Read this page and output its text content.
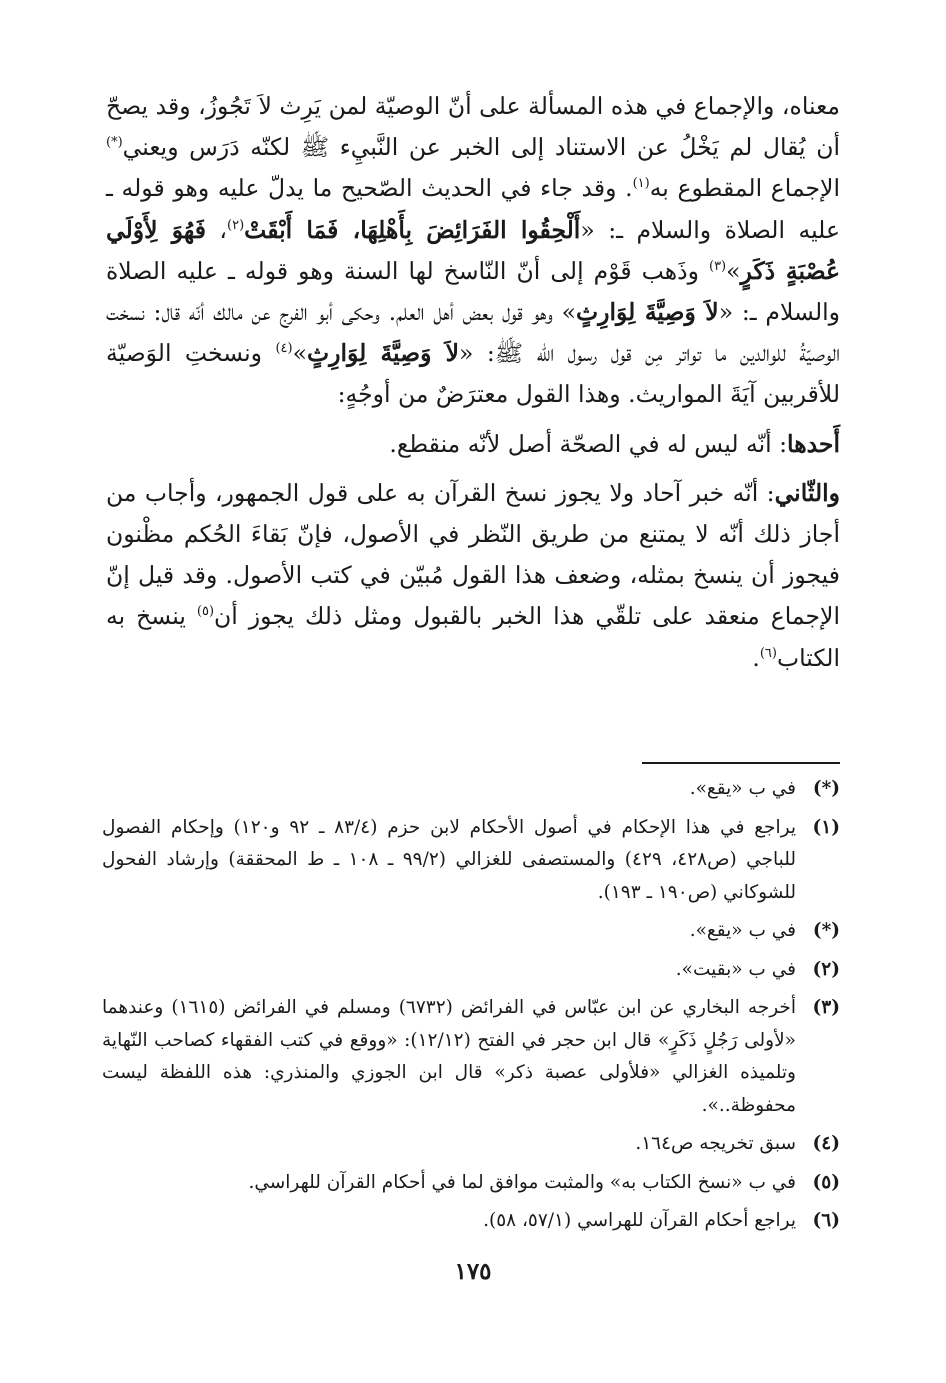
معناه، والإجماع في هذه المسألة على أنّ الوصيّة لمن يَرِث لاَ تَجُوزُ، وقد يصحّ أن يُقال لم يَخْلُ عن الاستناد إلى الخبر عن النَّبيِء ﷺ لكنّه دَرَس ويعني(*) الإجماع المقطوع به$^{(١)}$. وقد جاء في الحديث الصّحيح ما يدلّ عليه وهو قوله ـ عليه الصلاة والسلام ـ: «أَلْحِقُوا الفَرَائِضَ بِأَهْلِهَا، فَمَا أَبْقَتْ$^{(٢)}$، فَهُوَ لِأَوْلَي عُصْبَةٍ ذَكَرٍ»$^{(٣)}$ وذَهب قَوْم إلى أنّ النّاسخ لها السنة وهو قوله ـ عليه الصلاة والسلام ـ: «لاَ وَصِيَّةَ لِوَارِثٍ» وهو قول بعض أهل العلم. وحكى أبو الفرج عن مالك أنّه قال: نسخت الوصيّةُ للوالدين ما تواتر مِن قول رسول الله ﷺ: «لاَ وَصِيَّةَ لِوَارِثٍ»$^{(٤)}$ ونسختِ الوَصيّة للأقربين آيَةَ المواريث. وهذا القول معترَضٌ من أوجُهٍ:

أَحدها: أنّه ليس له في الصحّة أصل لأنّه منقطع.

والثّاني: أنّه خبر آحاد ولا يجوز نسخ القرآن به على قول الجمهور، وأجاب من أجاز ذلك أنّه لا يمتنع من طريق النّظر في الأصول، فإنّ بَقاءَ الحُكم مظْنون فيجوز أن ينسخ بمثله، وضعف هذا القول مُبيّن في كتب الأصول. وقد قيل إنّ الإجماع منعقد على تلقّي هذا الخبر بالقبول ومثل ذلك يجوز أن$^{(٥)}$ ينسخ به الكتاب$^{(٦)}$.

(*)
في ب «يقع».
(١)
يراجع في هذا الإحكام في أصول الأحكام لابن حزم (٨٣/٤ ـ ٩٢ و١٢٠) وإحكام الفصول للباجي (ص٤٢٨، ٤٢٩) والمستصفى للغزالي (٩٩/٢ ـ ١٠٨ ـ ط المحققة) وإرشاد الفحول للشوكاني (ص١٩٠ ـ ١٩٣).
(*)
في ب «يقع».
(٢)
في ب «بقيت».
(٣)
أخرجه البخاري عن ابن عبّاس في الفرائض (٦٧٣٢) ومسلم في الفرائض (١٦١٥) وعندهما «لأولى رَجُلٍ ذَكَرٍ» قال ابن حجر في الفتح (١٢/١٢): «ووقع في كتب الفقهاء كصاحب النّهاية وتلميذه الغزالي «فلأولى عصبة ذكر» قال ابن الجوزي والمنذري: هذه اللفظة ليست محفوظة..».
(٤)
سبق تخريجه ص١٦٤.
(٥)
في ب «نسخ الكتاب به» والمثبت موافق لما في أحكام القرآن للهراسي.
(٦)
يراجع أحكام القرآن للهراسي (٥٧/١، ٥٨).
١٧٥
